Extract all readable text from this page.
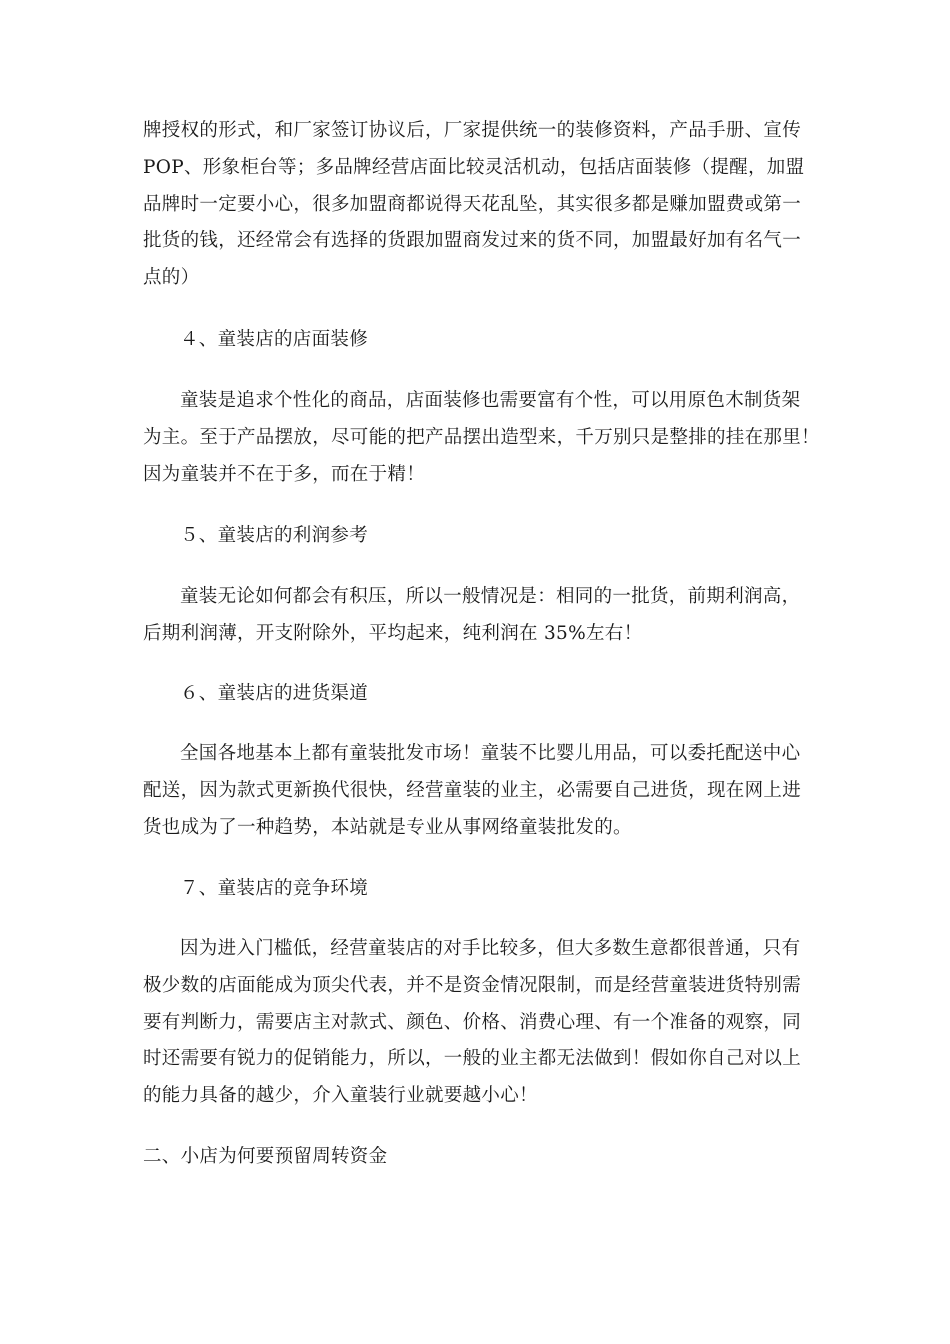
牌授权的形式，和厂家签订协议后，厂家提供统一的装修资料，产品手册、宣传
POP、形象柜台等；多品牌经营店面比较灵活机动，包括店面装修（提醒，加盟
品牌时一定要小心，很多加盟商都说得天花乱坠，其实很多都是赚加盟费或第一
批货的钱，还经常会有选择的货跟加盟商发过来的货不同，加盟最好加有名气一
点的）
４、童装店的店面装修
童装是追求个性化的商品，店面装修也需要富有个性，可以用原色木制货架
为主。至于产品摆放，尽可能的把产品摆出造型来，千万别只是整排的挂在那里！
因为童装并不在于多，而在于精！
５、童装店的利润参考
童装无论如何都会有积压，所以一般情况是：相同的一批货，前期利润高，
后期利润薄，开支附除外，平均起来，纯利润在 35%左右！
６、童装店的进货渠道
全国各地基本上都有童装批发市场！童装不比婴儿用品，可以委托配送中心
配送，因为款式更新换代很快，经营童装的业主，必需要自己进货，现在网上进
货也成为了一种趋势，本站就是专业从事网络童装批发的。
７、童装店的竞争环境
因为进入门槛低，经营童装店的对手比较多，但大多数生意都很普通，只有
极少数的店面能成为顶尖代表，并不是资金情况限制，而是经营童装进货特别需
要有判断力，需要店主对款式、颜色、价格、消费心理、有一个准备的观察，同
时还需要有锐力的促销能力，所以，一般的业主都无法做到！假如你自己对以上
的能力具备的越少，介入童装行业就要越小心！
二、小店为何要预留周转资金
